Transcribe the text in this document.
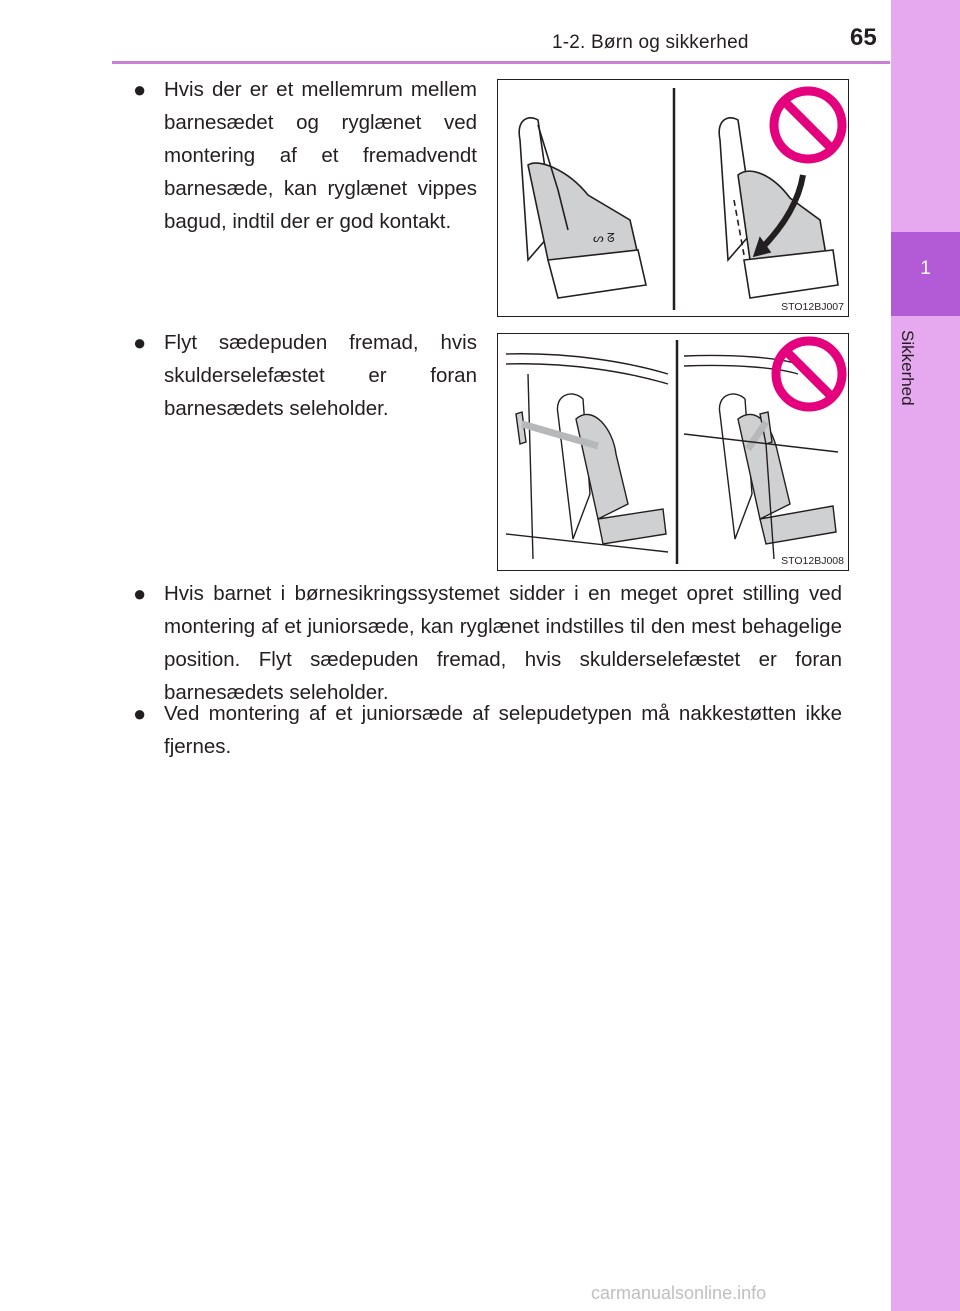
1-2. Børn og sikkerhed	65
1
Sikkerhed
● Hvis der er et mellemrum mellem barnesædet og ryglænet ved montering af et fremadvendt barnesæde, kan ryglænet vippes bagud, indtil der er god kontakt.
ᔕ ᘔ
STO12BJ007
● Flyt sædepuden fremad, hvis skulderselefæstet er foran barnesædets seleholder.
STO12BJ008
● Hvis barnet i børnesikringssystemet sidder i en meget opret stilling ved montering af et juniorsæde, kan ryglænet indstilles til den mest behagelige position. Flyt sædepuden fremad, hvis skulderselefæstet er foran barnesædets seleholder.
● Ved montering af et juniorsæde af selepudetypen må nakkestøtten ikke fjernes.
carmanualsonline.info
